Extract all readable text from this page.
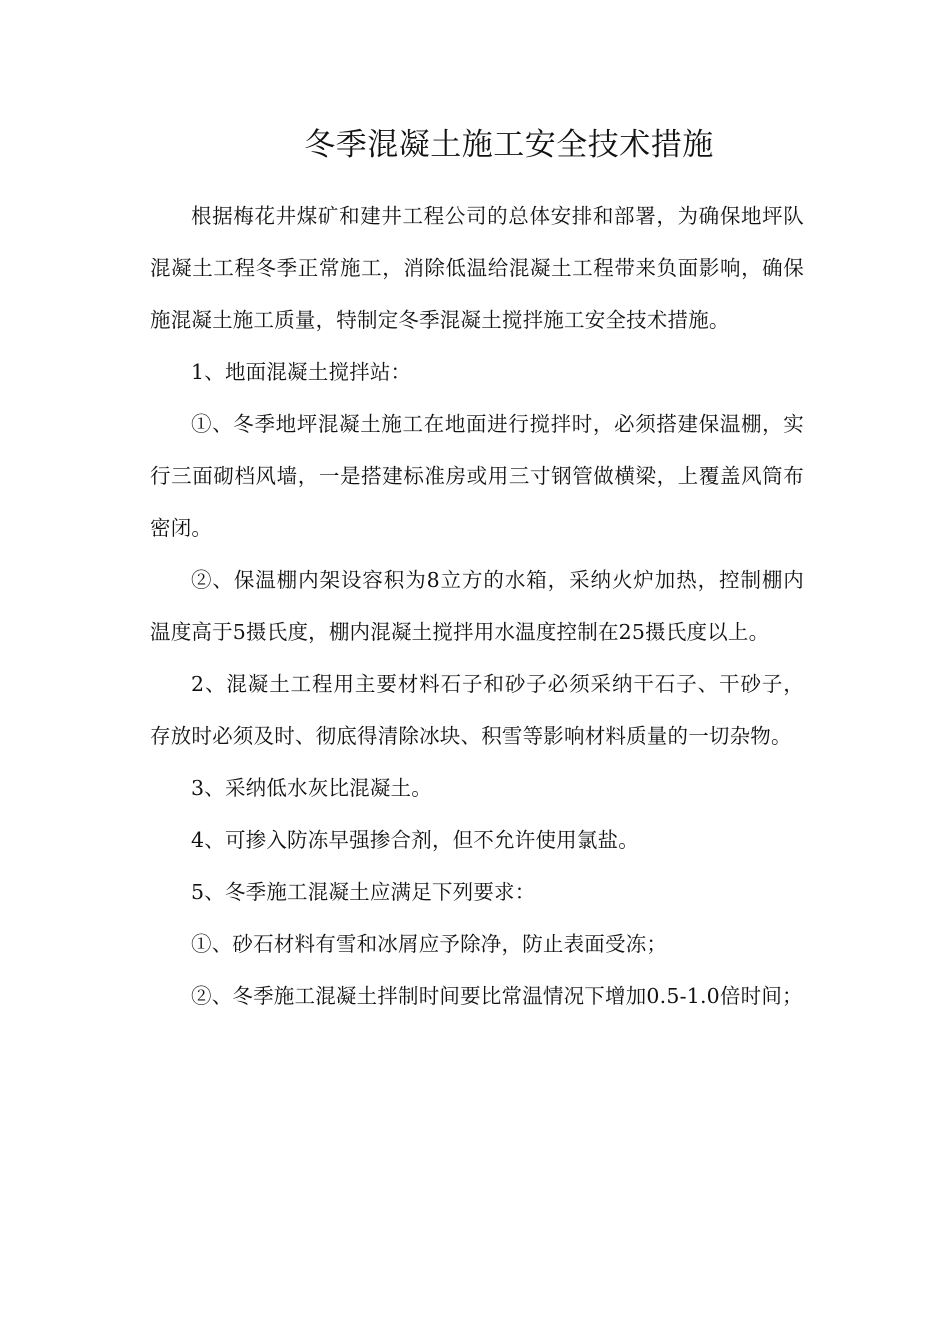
冬季混凝土施工安全技术措施

根据梅花井煤矿和建井工程公司的总体安排和部署，为确保地坪队混凝土工程冬季正常施工，消除低温给混凝土工程带来负面影响，确保施混凝土施工质量，特制定冬季混凝土搅拌施工安全技术措施。

1、地面混凝土搅拌站：

①、冬季地坪混凝土施工在地面进行搅拌时，必须搭建保温棚，实行三面砌档风墙，一是搭建标准房或用三寸钢管做横梁，上覆盖风筒布密闭。

②、保温棚内架设容积为8立方的水箱，采纳火炉加热，控制棚内温度高于5摄氏度，棚内混凝土搅拌用水温度控制在25摄氏度以上。

2、混凝土工程用主要材料石子和砂子必须采纳干石子、干砂子，存放时必须及时、彻底得清除冰块、积雪等影响材料质量的一切杂物。

3、采纳低水灰比混凝土。

4、可掺入防冻早强掺合剂，但不允许使用氯盐。

5、冬季施工混凝土应满足下列要求：

①、砂石材料有雪和冰屑应予除净，防止表面受冻；

②、冬季施工混凝土拌制时间要比常温情况下增加0.5-1.0倍时间；
